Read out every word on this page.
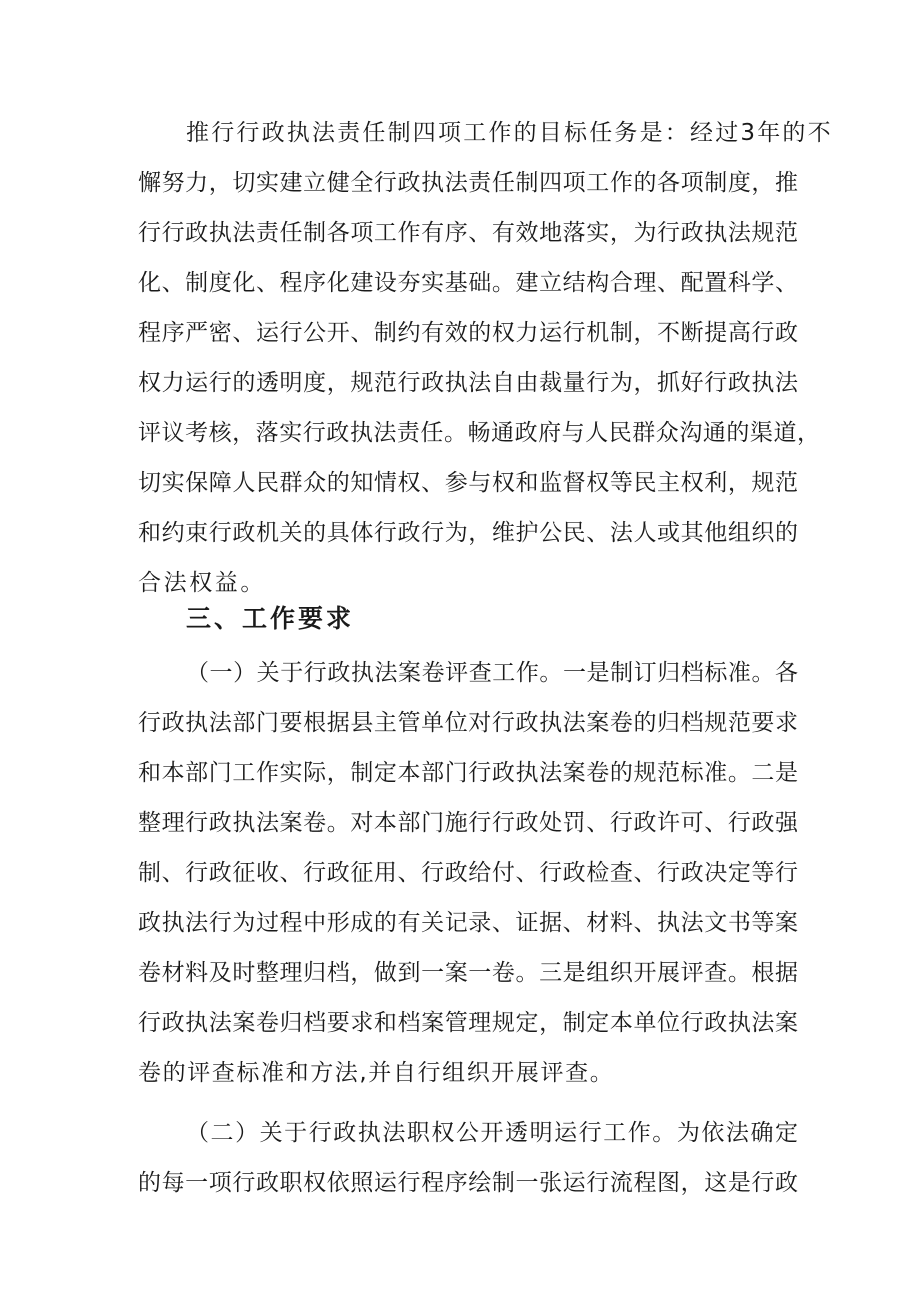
推行行政执法责任制四项工作的目标任务是：经过3年的不
懈努力，切实建立健全行政执法责任制四项工作的各项制度，推
行行政执法责任制各项工作有序、有效地落实，为行政执法规范
化、制度化、程序化建设夯实基础。建立结构合理、配置科学、
程序严密、运行公开、制约有效的权力运行机制，不断提高行政
权力运行的透明度，规范行政执法自由裁量行为，抓好行政执法
评议考核，落实行政执法责任。畅通政府与人民群众沟通的渠道，
切实保障人民群众的知情权、参与权和监督权等民主权利，规范
和约束行政机关的具体行政行为，维护公民、法人或其他组织的
合法权益。
三、工作要求
（一）关于行政执法案卷评查工作。一是制订归档标准。各
行政执法部门要根据县主管单位对行政执法案卷的归档规范要求
和本部门工作实际，制定本部门行政执法案卷的规范标准。二是
整理行政执法案卷。对本部门施行行政处罚、行政许可、行政强
制、行政征收、行政征用、行政给付、行政检查、行政决定等行
政执法行为过程中形成的有关记录、证据、材料、执法文书等案
卷材料及时整理归档，做到一案一卷。三是组织开展评查。根据
行政执法案卷归档要求和档案管理规定，制定本单位行政执法案
卷的评查标准和方法,并自行组织开展评查。
（二）关于行政执法职权公开透明运行工作。为依法确定
的每一项行政职权依照运行程序绘制一张运行流程图，这是行政
